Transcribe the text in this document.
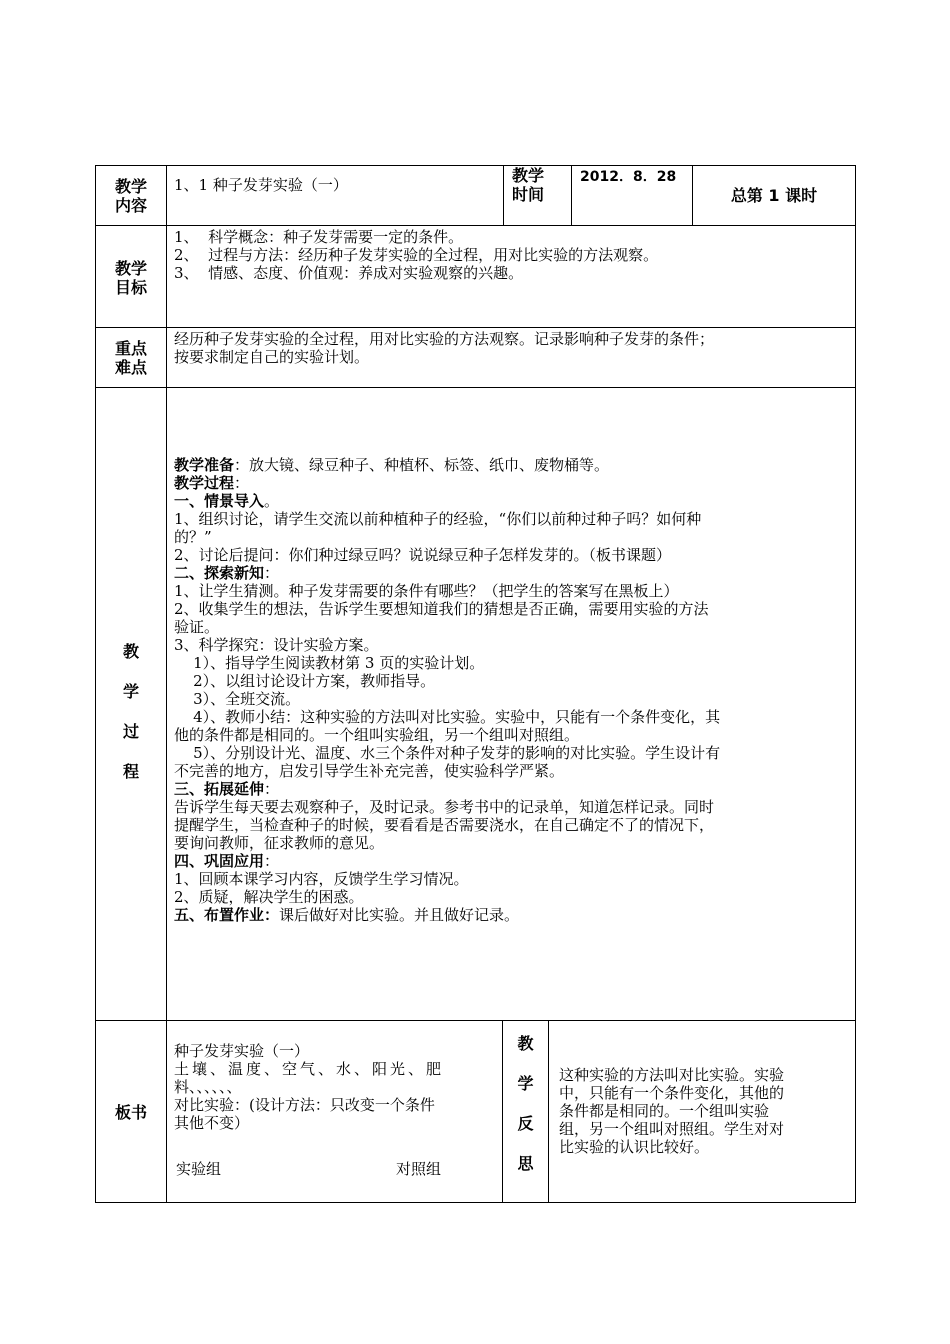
教学
内容
1、1 种子发芽实验（一）	教学
时间
2012．8．28
总第 1 课时
教学
目标
1、  科学概念：种子发芽需要一定的条件。
2、  过程与方法：经历种子发芽实验的全过程，用对比实验的方法观察。
3、  情感、态度、价值观：养成对实验观察的兴趣。
重点
难点
经历种子发芽实验的全过程，用对比实验的方法观察。记录影响种子发芽的条件；
按要求制定自己的实验计划。
教
学
过
程
教学准备：放大镜、绿豆种子、种植杯、标签、纸巾、废物桶等。
教学过程：
一、情景导入。
1、组织讨论，请学生交流以前种植种子的经验，“你们以前种过种子吗？如何种
的？”
2、讨论后提问：你们种过绿豆吗？说说绿豆种子怎样发芽的。（板书课题）
二、探索新知：
1、让学生猜测。种子发芽需要的条件有哪些？（把学生的答案写在黑板上）
2、收集学生的想法，告诉学生要想知道我们的猜想是否正确，需要用实验的方法
验证。
3、科学探究：设计实验方案。
1）、指导学生阅读教材第 3 页的实验计划。
2）、以组讨论设计方案，教师指导。
3）、全班交流。
4）、教师小结：这种实验的方法叫对比实验。实验中，只能有一个条件变化，其
他的条件都是相同的。一个组叫实验组，另一个组叫对照组。
5）、分别设计光、温度、水三个条件对种子发芽的影响的对比实验。学生设计有
不完善的地方，启发引导学生补充完善，使实验科学严紧。
三、拓展延伸：
告诉学生每天要去观察种子，及时记录。参考书中的记录单，知道怎样记录。同时
提醒学生，当检查种子的时候，要看看是否需要浇水，在自己确定不了的情况下，
要询问教师，征求教师的意见。
四、巩固应用：
1、回顾本课学习内容，反馈学生学习情况。
2、质疑，解决学生的困惑。
五、布置作业：课后做好对比实验。并且做好记录。
板书
种子发芽实验（一）
土壤、温度、空气、水、阳光、肥
料、、、、、、
对比实验：(设计方法：只改变一个条件
其他不变）
实验组	对照组
教
学
反
思
这种实验的方法叫对比实验。实验
中，只能有一个条件变化，其他的
条件都是相同的。一个组叫实验
组，另一个组叫对照组。学生对对
比实验的认识比较好。
